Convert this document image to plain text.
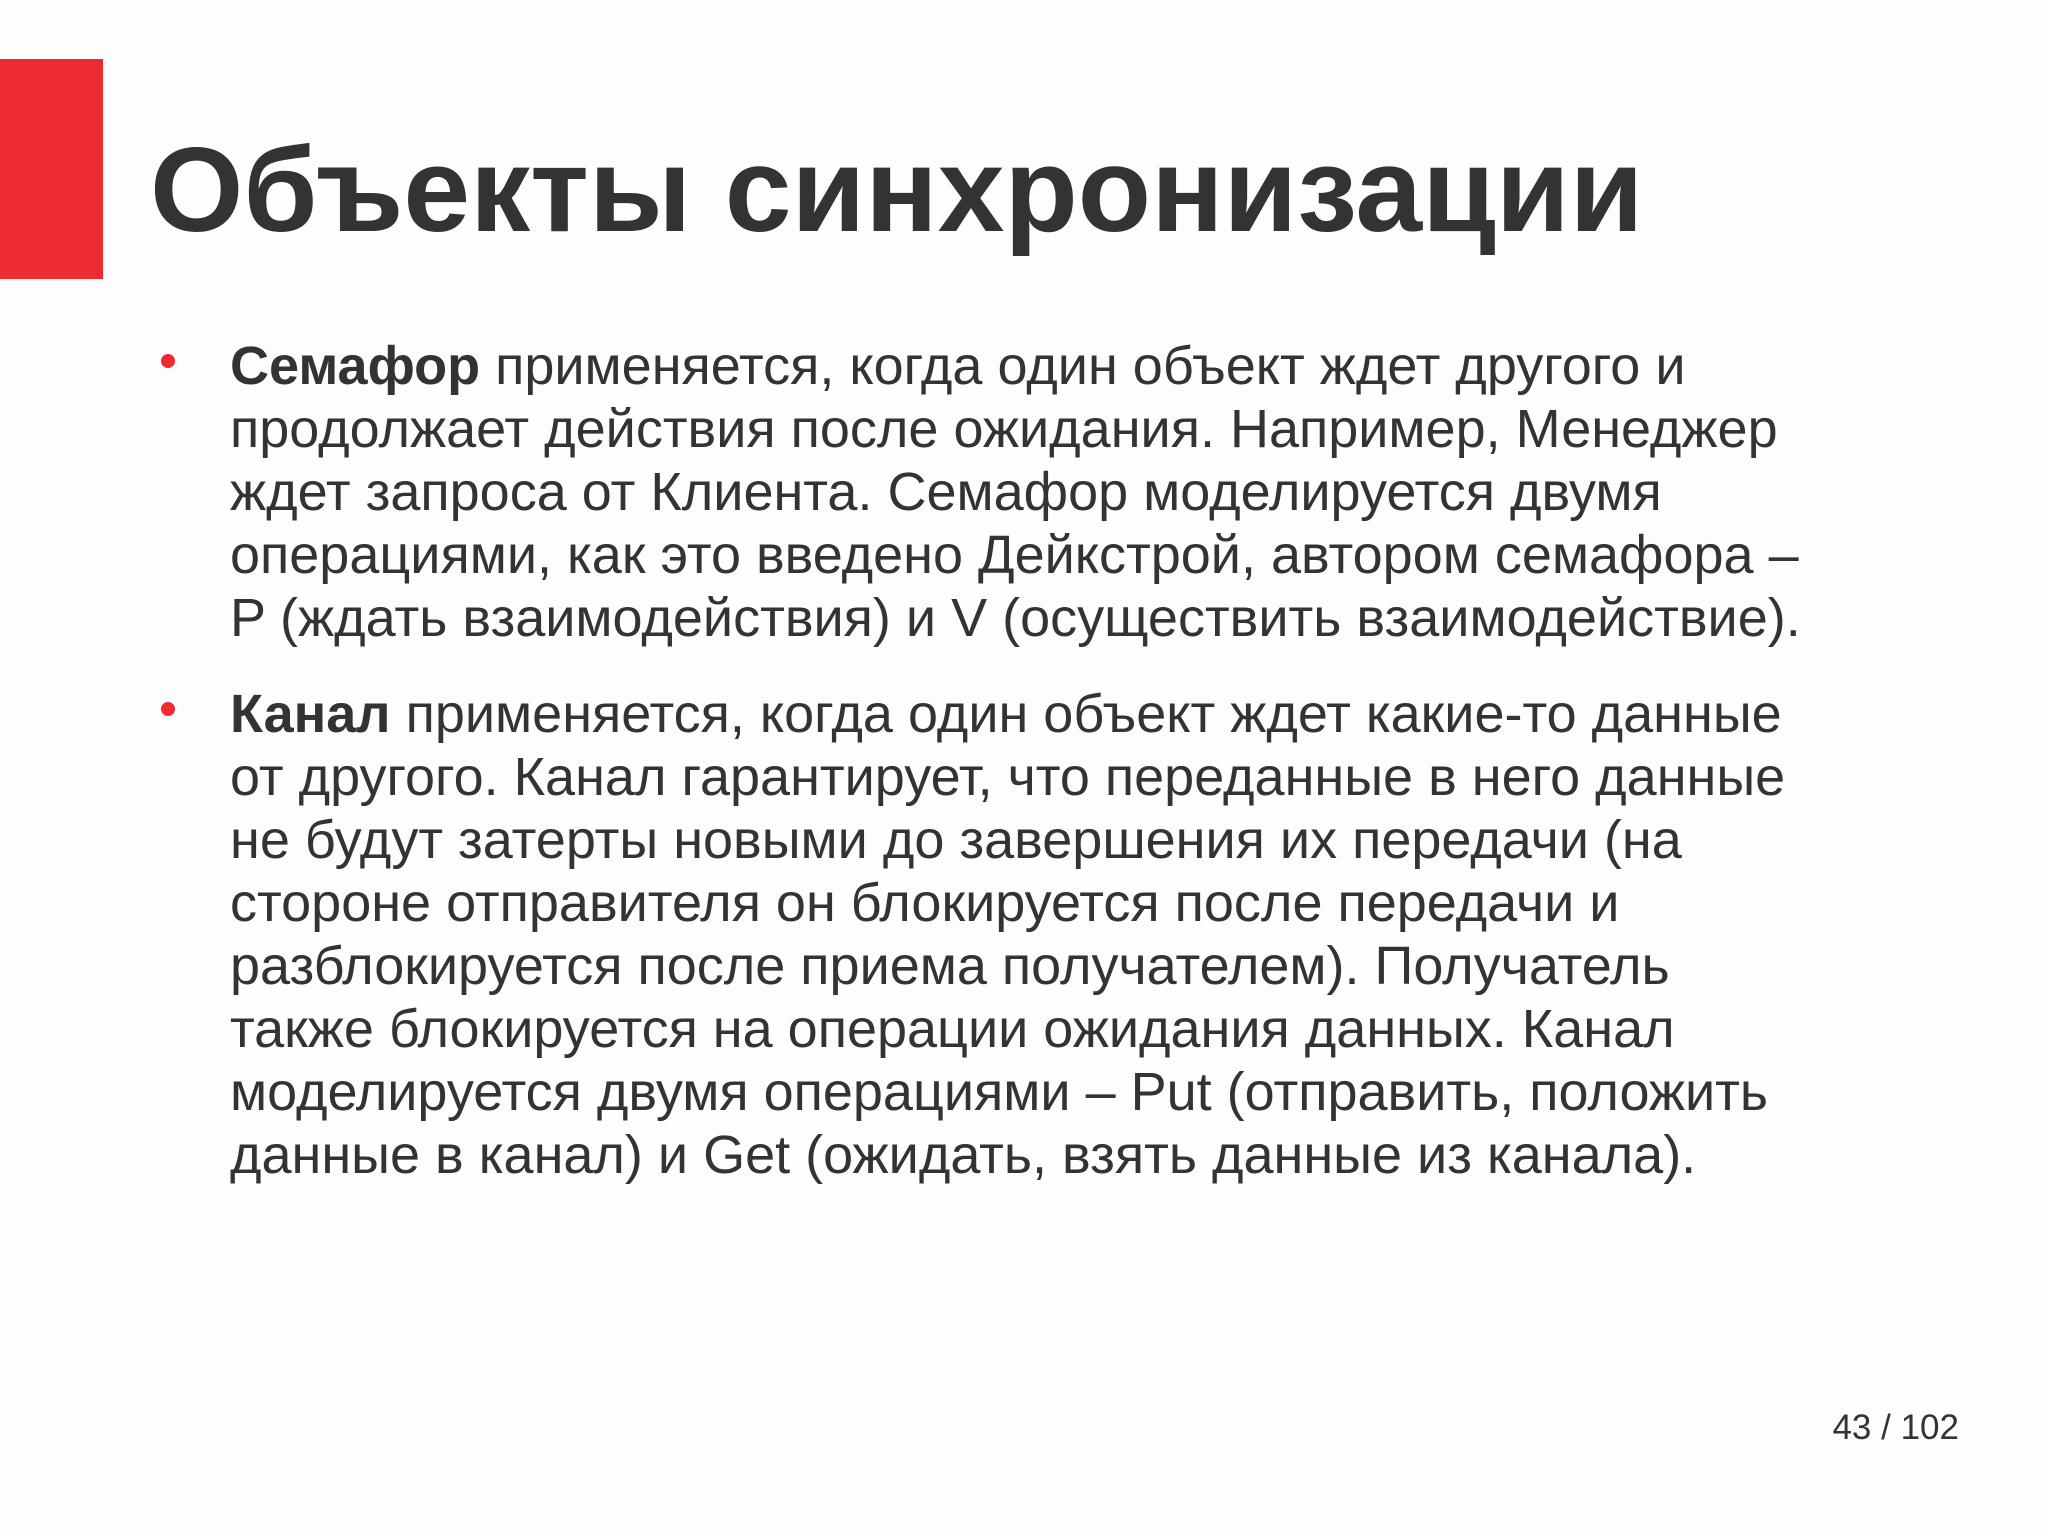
Объекты синхронизации

Семафор применяется, когда один объект ждет другого и
продолжает действия после ожидания. Например, Менеджер
ждет запроса от Клиента. Семафор моделируется двумя
операциями, как это введено Дейкстрой, автором семафора –
P (ждать взаимодействия) и V (осуществить взаимодействие).

Канал применяется, когда один объект ждет какие-то данные
от другого. Канал гарантирует, что переданные в него данные
не будут затерты новыми до завершения их передачи (на
стороне отправителя он блокируется после передачи и
разблокируется после приема получателем). Получатель
также блокируется на операции ожидания данных. Канал
моделируется двумя операциями – Put (отправить, положить
данные в канал) и Get (ожидать, взять данные из канала).

43 / 102
